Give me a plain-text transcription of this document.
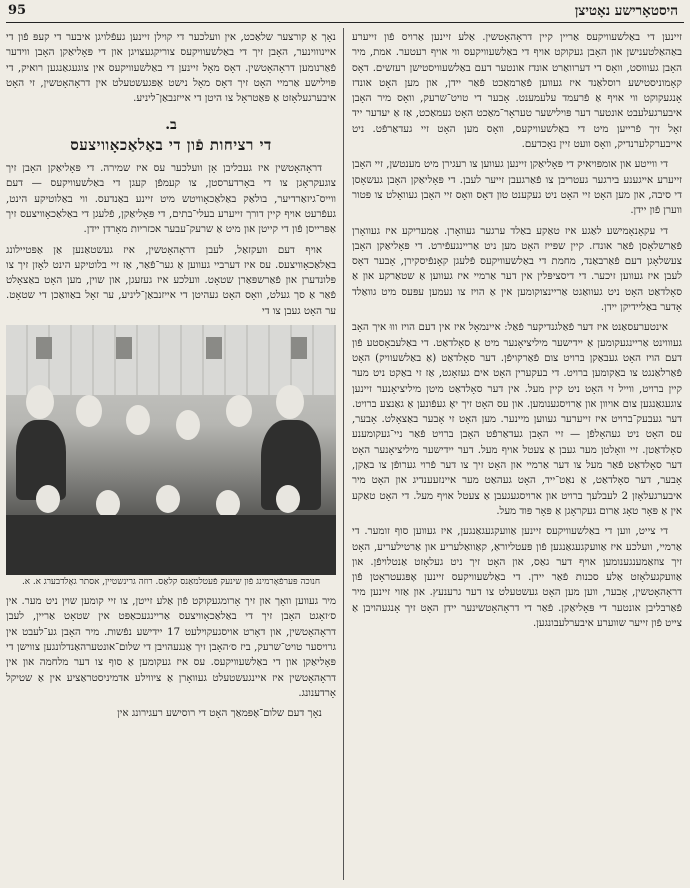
95	היסטאָרישע נאָטיצן

זיינען די באַלשעוויקעס אַריין קיין דראָהאָטשין. אַלע זיינען אַרויס פֿון זייערע באַהאַלטענישן און האָבן געקוקט אויף די באַלשעוויקעס ווי אויף רעטער. אמת, מיר האָבן געוווּסט, וואָס די דערוואַרט אונדז אונטער דעם באַלשעוויסטישן רעזשים. דאָס קאָמוניסטישע רוסלאַנד איז געווען פֿאַרמאַכט פֿאַר יידן, און מען האָט אונדז אָנגעקוקט ווי אויף אַ פֿרעמד עלעמענט. אָבער די טויט־שרעק, וואָס מיר האָבן איבערגעלעבט אונטער דער פּוילישער טעראָר־מאַכט האָט געמאַכט, אַז אַ יעדער ייד זאָל זיך פֿרייען מיט די באַלשעוויקעס, וואָס מען האָט זיי געדאַרפֿט. ניט אייבערקלערנדיק, וואָס וועט זיין נאָכדעם.

די ווייטע און אומפּויאיק די פּאָליאַקן זיינען געווען צו רעגירן מיט מענטשן, זיי האָבן זייערע אייגענע בירגער געטריבן צו פֿאַרגעבן זייער לעבן. די פּאָליאַקן האָבן געשאָסן די סיבה, און מען האָט זיי האָט ניט געקענט טון דאָס וואָס זיי האָבן געוואָלט צו פּטור ווערן פֿון יידן.

די עקאָנאָמישע לאַגע איז טאַקע באַלד ערגער געוואָרן. אַמעריקע איז געוואָרן פֿאַרשלאָסן פֿאַר אונדז. קיין שפּייז האָט מען ניט אַריינגעפֿירט. די פּאָליאַקן האָבן צעשלאָגן דעם פֿאַרבאַנד, מחמת די באַלשעוויקעס פֿלעגן קאָנפֿיסקירן, אָבער דאָס לעבן איז געווען זיכער. די דיסציפּלין אין דער אַרמיי איז געווען אַ שטאַרקע און אַ סאָלדאַט האָט ניט געוואַגט אַריינצוקומען אין אַ הויז צו נעמען עפּעס מיט גוואַלד אָדער באַליידיקן יידן.

אינטערעסאַנט איז דער פֿאַלגנדיקער פֿאַל: איינמאָל איז אין דעם הויז וווּ איך האָב געוווינט אַריינגעקומען אַ יידישער מיליציאָנער מיט אַ סאָלדאַט. די באַלעבאָסטע פֿון דעם הויז האָט געבאַקן ברויט צום פֿאַרקויפֿן. דער סאָלדאַט (אַ באַלשעוויק) האָט פֿאַרלאַנגט צו באַקומען ברויט. די בעקערין האָט אים געזאָגט, אַז זי באַקט ניט מער קיין ברויט, ווייל זי האָט ניט קיין מעל. אין דער סאָלדאַט מיטן מיליציאָנער זיינען צוגעגאַנגען צום אויוון און אַרויסגענומען. און עס האָט זיך יאָ געפֿונען אַ גאַנצע ברויט. דער געבעק־ברויט איז זייערער געווען מיינער. מען האָט זי אָבער באַצאָלט. אָבער, עס האָט ניט געהאָלפֿן — זיי האָבן געדאַרפֿט האָבן ברויט פֿאַר ניי־געקומענע סאָלדאַטן. זיי וואָלטן מער געבן אַ צעטל אויף מעל. דער יידישער מיליציאָנער האָט דער סאָלדאַט פֿאַר מעל צו דער אַרמיי און האָט זיך צו דער פֿרוי גערופֿן צו באַקן, אָבער, דער סאָלדאַט, אַ נאַט־ייד, האָט געהאַט מער איינזעענדיג און האָט מיר איבערגעלאָזן 2 לעבלעך ברויט און ארויסגעגעבן אַ צעטל אויף מעל. די האָט טאַקע אין אַ פּאָר טאָג אַרום געקראָגן אַ פּאָר פּוד מעל.

די צייט, ווען די באַלשעוויקעס זיינען אַוועקגעגאַנגען, איז געווען סוף זומער. די אַרמיי, וועלכע איז אַוועקגעגאַנגען פֿון פּעטליוראַ, קאַוואַלעריע און אַרטילעריע, האָט זיך צוזאַמענגענומען אויף דער גאַס, און האָט זיך ניט געלאָזט אַנטלויפֿן. און אַוועקגעלאָזט אַלע סכנות פֿאַר יידן. די באַלשעוויקעס זיינען אָפּגעטראָטן פֿון דראָהאָטשין, אָבער, ווען מען האָט געשטעלט צו דער גרענעץ. און אַזוי זיינען מיר פֿאַרבליבן אונטער די פּאָליאַקן. פֿאַר די דראָהאָטשינער יידן האָט זיך אָנגעהויבן אַ צייט פֿון זייער שווערע איבערלעבונגען.

נאָך אַ קורצער שלאַכט, אין וועלכער די קוילן זיינען געפֿלויגן איבער די קעפּ פֿון די איינוווינער, האָבן זיך די באַלשעוויקעס צוריקגעצויגן און די פּאָליאַקן האָבן ווידער פֿאַרנומען דראָהאָטשין. דאָס מאָל זיינען די באַלשעוויקעס אין צוגעגאַנגען רואיק, די פּוילישע אַרמיי האָט זיך דאָס מאָל נישט אַפּגעשטעלט אין דראָהאָטשין, זי האָט איבערגעלאָזט אַ פּאַטראָל צו היטן די אייזנבאַן־ליניע.

ב.
די רציחות פֿון די באַלאַכאָוויצעס

דראָהאָטשין איז געבליבן אָן וועלכער עס איז שמירה. די פּאָליאַקן האָבן זיך צוגעקראָגן צו די באָרדערסטן, צו קעמפֿן קעגן די באַלשעוויקעס — דעם ווייס־גיזאַרדיער, בולאַק באַלאַכאָוויטש מיט זיינע באַנדעס. ווי באַלוטיקע הינט, געפֿרעט אויף קיין דורך זייערע בעלי־בתים, די פּאָליאַקן, פֿלעגן די באַלאַכאָוויצעס זיך אַפּרייסן פֿון די קייטן און מיט אַ שרעק־עבער אכזריות מאָרדן יידן.

אויף דעם וועקזאַל, לעבן דראָהאָטשין, איז געשטאַנען אַן אַפּטיילונג באַלאַכאָוויצעס. עס איז דערביי געווען אַ גער־פֿאַר, אַז זיי בלוטיקע הינט לאָזן זיך צו פּלונדערן און פֿאַרשפּאַרן שטאָט. וועלכע איז געזעגן, און שוין, מען האָט באַצאָלט פֿאַר אַ סך געלט, וואָס האָט געהיטן די אייזנבאַן־ליניע, ער זאָל באַוואַכן די שטאָט. ער האָט געבן צו די

חנוכה פּערפֿאָרמינג פֿון שינעק פֿעטלמאַנס קלאַס. רוזה גרינשטיין, אסתר גאָלדבערג א. א.

מיר געווען וואָך און זיך אָרומגעקוקט פֿון אַלע זייטן, צו זיי קומען שוין ניט מער. אין ס׳זאָגט האָבן זיך די באַלאַכאָוויצעס אַריינגעכאַפּט אין שטאָט אַריין, לעבן דראָהאָטשין, און דאָרט אויסגעקוילעט 17 יידישע נפֿשות. מיר האָבן גע־לעבט אין גרויסער טויט־שרעק, ביז ס׳האָבן זיך אַנגעהויבן די שלום־אונטערהאַנדלונגען צווישן די פּאָליאַקן און די באַלשעוויקעס. עס איז געקומען אַ סוף צו דער מלחמה און אין דראָהאָטשין איז איינגעשטעלט געוואָרן אַ ציווילע אדמיניסטראַציע אין אַ שטיקל אָרדענונג.

נאָך דעם שלום־אָפּמאַך האָט די רוסישע רעגירונג אין
